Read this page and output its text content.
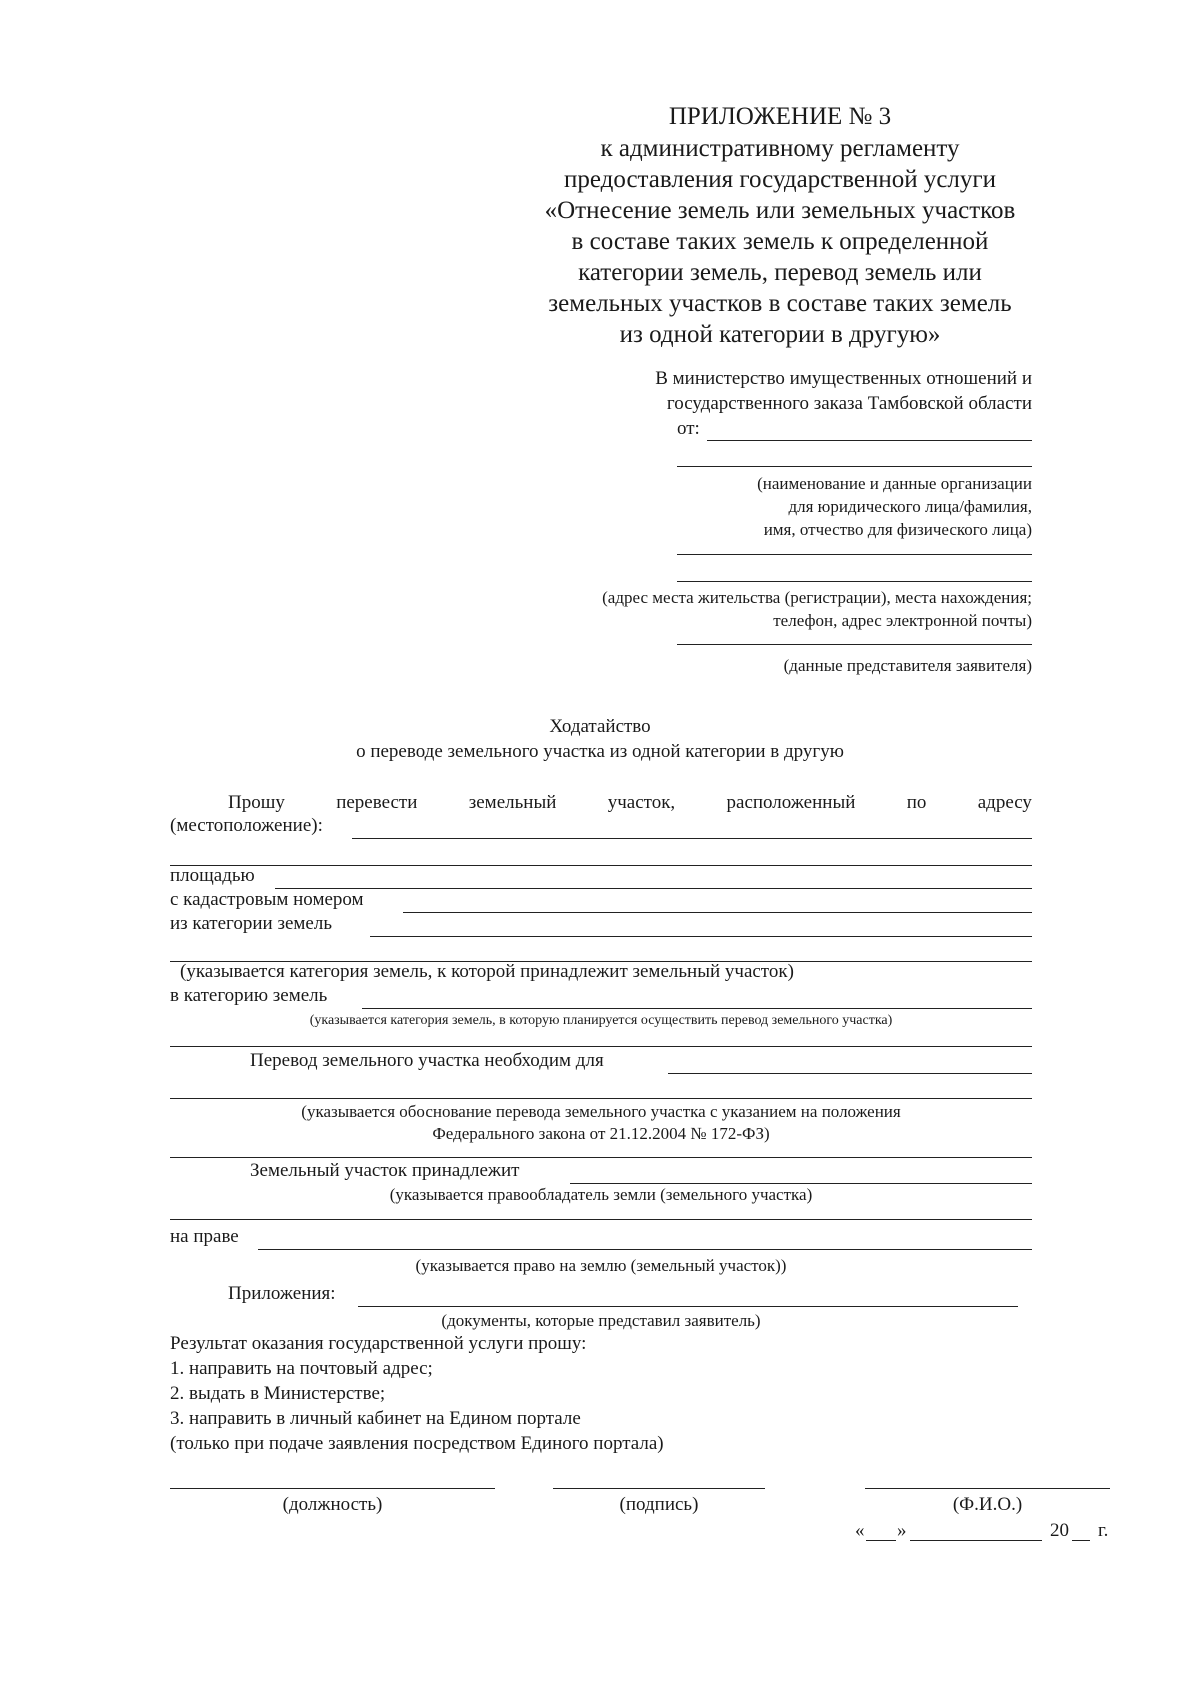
ПРИЛОЖЕНИЕ № 3
к административному регламенту
предоставления государственной услуги
«Отнесение земель или земельных участков
в составе таких земель к определенной
категории земель, перевод земель или
земельных участков в составе таких земель
из одной категории в другую»
В министерство имущественных отношений и
государственного заказа Тамбовской области
от:
(наименование и данные организации
для юридического лица/фамилия,
имя, отчество для физического лица)
(адрес места жительства (регистрации), места нахождения;
телефон, адрес электронной почты)
(данные представителя заявителя)
Ходатайство
о переводе земельного участка из одной категории в другую
Прошу	перевести	земельный	участок,	расположенный	по	адресу
(местоположение):
площадью
с кадастровым номером
из категории земель
(указывается категория земель, к которой принадлежит земельный участок)
в категорию земель
(указывается категория земель, в которую планируется осуществить перевод земельного участка)
Перевод земельного участка необходим для
(указывается обоснование перевода земельного участка с указанием на положения
Федерального закона от 21.12.2004 № 172-ФЗ)
Земельный участок принадлежит
(указывается правообладатель земли (земельного участка)
на праве
(указывается право на землю (земельный участок))
Приложения:
(документы, которые представил заявитель)
Результат оказания государственной услуги прошу:
1. направить на почтовый адрес;
2. выдать в Министерстве;
3. направить в личный кабинет на Едином портале
(только при подаче заявления посредством Единого портала)
(должность)	(подпись)	(Ф.И.О.)
« »	20 г.
